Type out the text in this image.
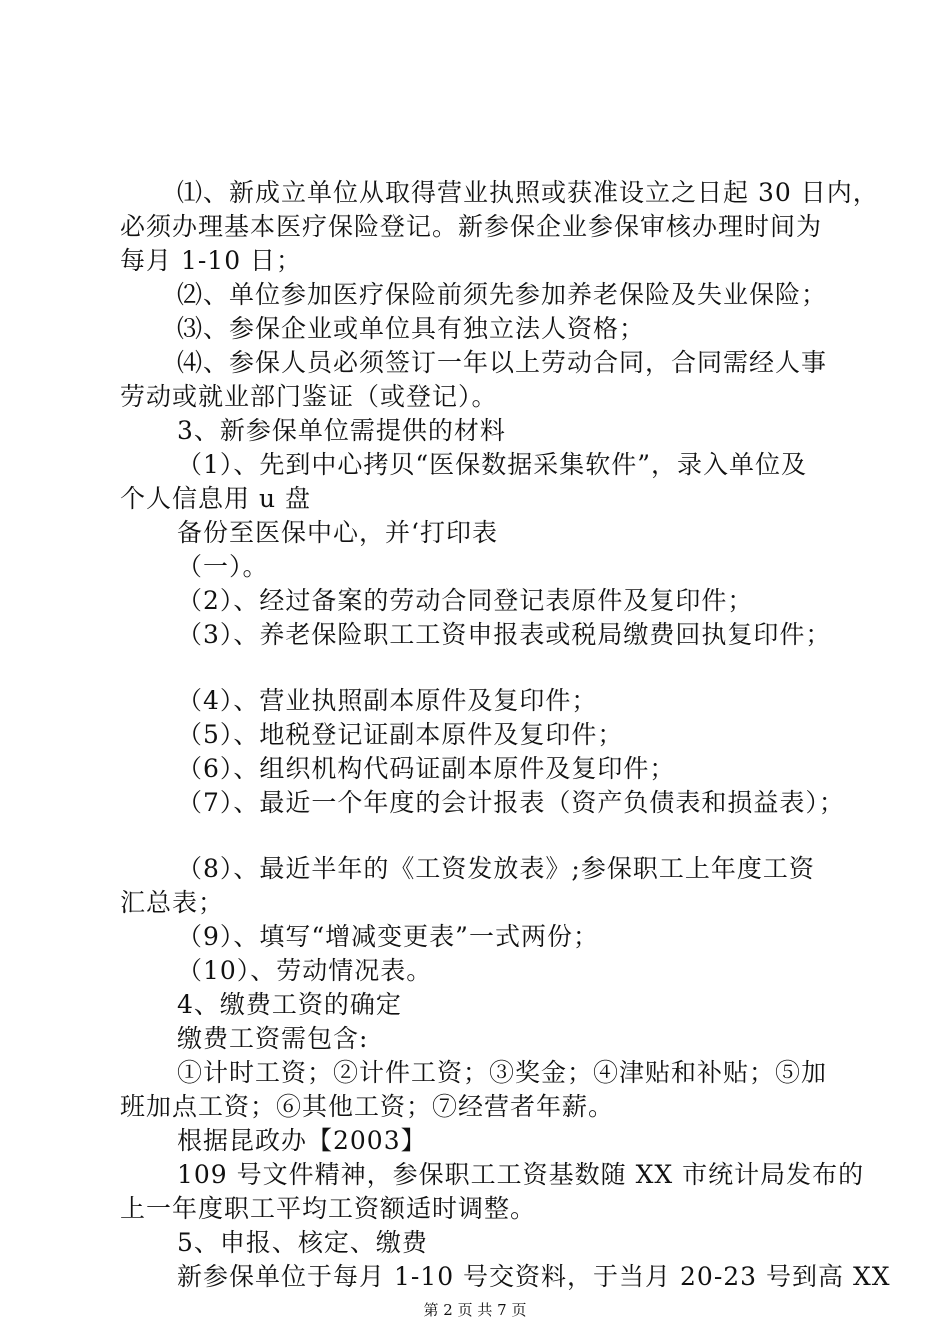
⑴、新成立单位从取得营业执照或获准设立之日起 30 日内，
必须办理基本医疗保险登记。新参保企业参保审核办理时间为
每月 1-10 日；
⑵、单位参加医疗保险前须先参加养老保险及失业保险；
⑶、参保企业或单位具有独立法人资格；
⑷、参保人员必须签订一年以上劳动合同，合同需经人事
劳动或就业部门鉴证（或登记）。
3、新参保单位需提供的材料
（1）、先到中心拷贝“医保数据采集软件”，录入单位及
个人信息用 u 盘
备份至医保中心，并‘打印表
（一）。
（2）、经过备案的劳动合同登记表原件及复印件；
（3）、养老保险职工工资申报表或税局缴费回执复印件；
（4）、营业执照副本原件及复印件；
（5）、地税登记证副本原件及复印件；
（6）、组织机构代码证副本原件及复印件；
（7）、最近一个年度的会计报表（资产负债表和损益表）；
（8）、最近半年的《工资发放表》;参保职工上年度工资
汇总表；
（9）、填写“增减变更表”一式两份；
（10）、劳动情况表。
4、缴费工资的确定
缴费工资需包含:
①计时工资；②计件工资；③奖金；④津贴和补贴；⑤加
班加点工资；⑥其他工资；⑦经营者年薪。
根据昆政办【2003】
109 号文件精神，参保职工工资基数随 XX 市统计局发布的
上一年度职工平均工资额适时调整。
5、申报、核定、缴费
新参保单位于每月 1-10 号交资料，于当月 20-23 号到高 XX
第 2 页 共 7 页
